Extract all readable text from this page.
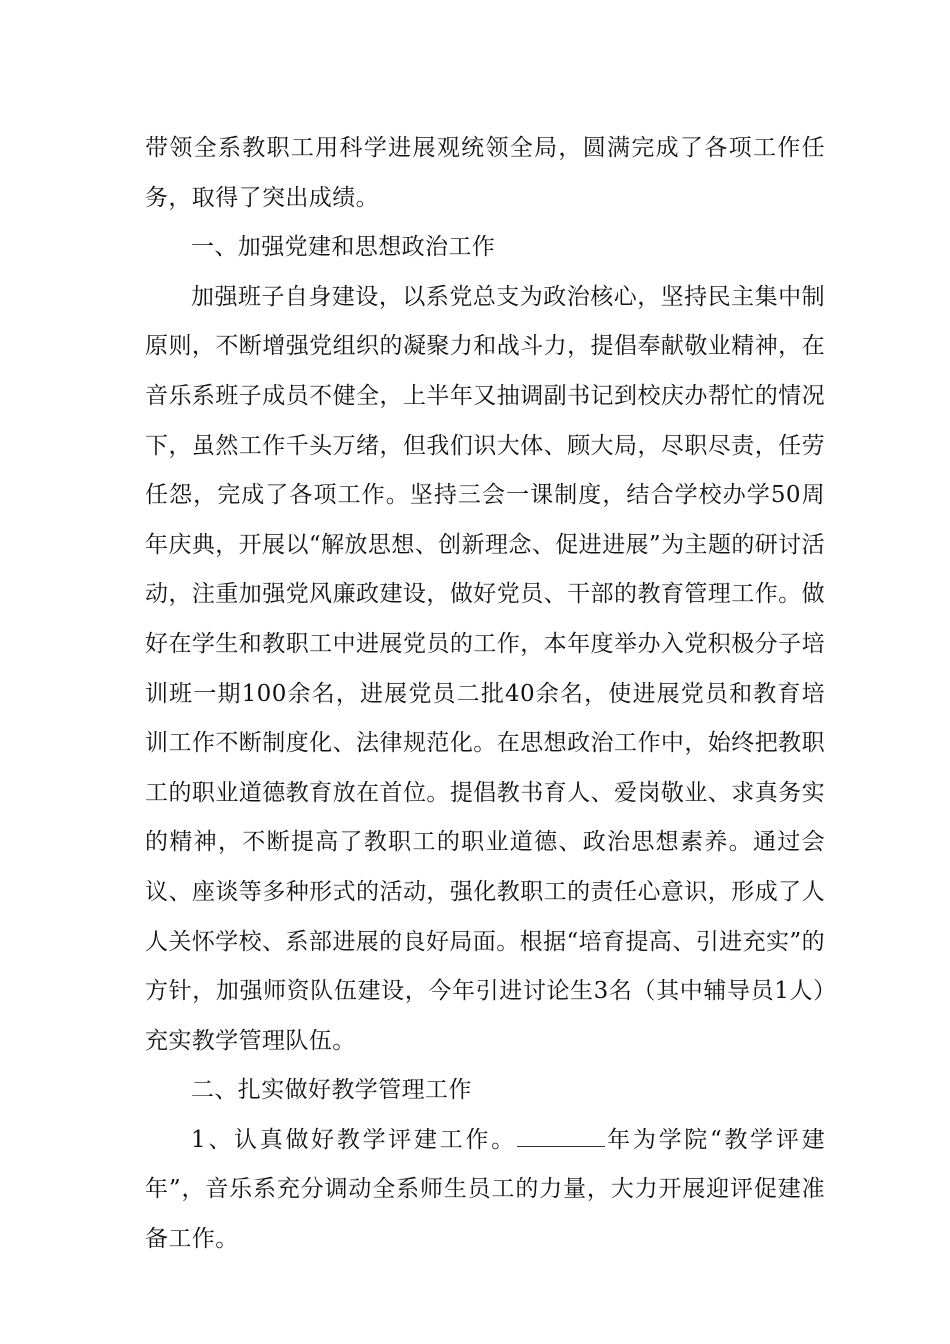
带领全系教职工用科学进展观统领全局，圆满完成了各项工作任务，取得了突出成绩。

一、加强党建和思想政治工作

加强班子自身建设，以系党总支为政治核心，坚持民主集中制原则，不断增强党组织的凝聚力和战斗力，提倡奉献敬业精神，在音乐系班子成员不健全，上半年又抽调副书记到校庆办帮忙的情况下，虽然工作千头万绪，但我们识大体、顾大局，尽职尽责，任劳任怨，完成了各项工作。坚持三会一课制度，结合学校办学50周年庆典，开展以“解放思想、创新理念、促进进展”为主题的研讨活动，注重加强党风廉政建设，做好党员、干部的教育管理工作。做好在学生和教职工中进展党员的工作，本年度举办入党积极分子培训班一期100余名，进展党员二批40余名，使进展党员和教育培训工作不断制度化、法律规范化。在思想政治工作中，始终把教职工的职业道德教育放在首位。提倡教书育人、爱岗敬业、求真务实的精神，不断提高了教职工的职业道德、政治思想素养。通过会议、座谈等多种形式的活动，强化教职工的责任心意识，形成了人人关怀学校、系部进展的良好局面。根据“培育提高、引进充实”的方针，加强师资队伍建设，今年引进讨论生3名（其中辅导员1人）充实教学管理队伍。

二、扎实做好教学管理工作

1、认真做好教学评建工作。	年为学院“教学评建年”，音乐系充分调动全系师生员工的力量，大力开展迎评促建准备工作。
